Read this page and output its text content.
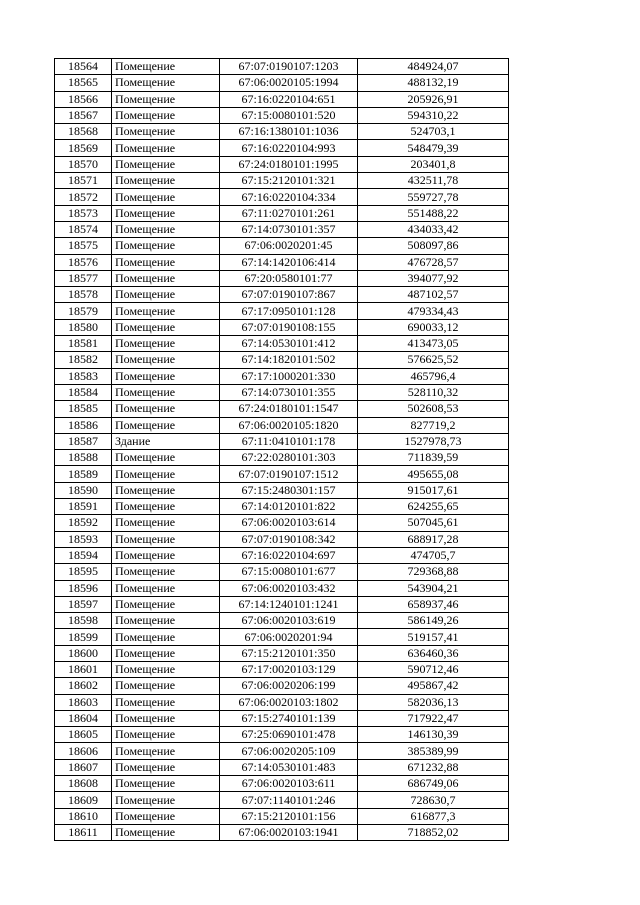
18564	Помещение	67:07:0190107:1203	484924,07
18565	Помещение	67:06:0020105:1994	488132,19
18566	Помещение	67:16:0220104:651	205926,91
18567	Помещение	67:15:0080101:520	594310,22
18568	Помещение	67:16:1380101:1036	524703,1
18569	Помещение	67:16:0220104:993	548479,39
18570	Помещение	67:24:0180101:1995	203401,8
18571	Помещение	67:15:2120101:321	432511,78
18572	Помещение	67:16:0220104:334	559727,78
18573	Помещение	67:11:0270101:261	551488,22
18574	Помещение	67:14:0730101:357	434033,42
18575	Помещение	67:06:0020201:45	508097,86
18576	Помещение	67:14:1420106:414	476728,57
18577	Помещение	67:20:0580101:77	394077,92
18578	Помещение	67:07:0190107:867	487102,57
18579	Помещение	67:17:0950101:128	479334,43
18580	Помещение	67:07:0190108:155	690033,12
18581	Помещение	67:14:0530101:412	413473,05
18582	Помещение	67:14:1820101:502	576625,52
18583	Помещение	67:17:1000201:330	465796,4
18584	Помещение	67:14:0730101:355	528110,32
18585	Помещение	67:24:0180101:1547	502608,53
18586	Помещение	67:06:0020105:1820	827719,2
18587	Здание	67:11:0410101:178	1527978,73
18588	Помещение	67:22:0280101:303	711839,59
18589	Помещение	67:07:0190107:1512	495655,08
18590	Помещение	67:15:2480301:157	915017,61
18591	Помещение	67:14:0120101:822	624255,65
18592	Помещение	67:06:0020103:614	507045,61
18593	Помещение	67:07:0190108:342	688917,28
18594	Помещение	67:16:0220104:697	474705,7
18595	Помещение	67:15:0080101:677	729368,88
18596	Помещение	67:06:0020103:432	543904,21
18597	Помещение	67:14:1240101:1241	658937,46
18598	Помещение	67:06:0020103:619	586149,26
18599	Помещение	67:06:0020201:94	519157,41
18600	Помещение	67:15:2120101:350	636460,36
18601	Помещение	67:17:0020103:129	590712,46
18602	Помещение	67:06:0020206:199	495867,42
18603	Помещение	67:06:0020103:1802	582036,13
18604	Помещение	67:15:2740101:139	717922,47
18605	Помещение	67:25:0690101:478	146130,39
18606	Помещение	67:06:0020205:109	385389,99
18607	Помещение	67:14:0530101:483	671232,88
18608	Помещение	67:06:0020103:611	686749,06
18609	Помещение	67:07:1140101:246	728630,7
18610	Помещение	67:15:2120101:156	616877,3
18611	Помещение	67:06:0020103:1941	718852,02
